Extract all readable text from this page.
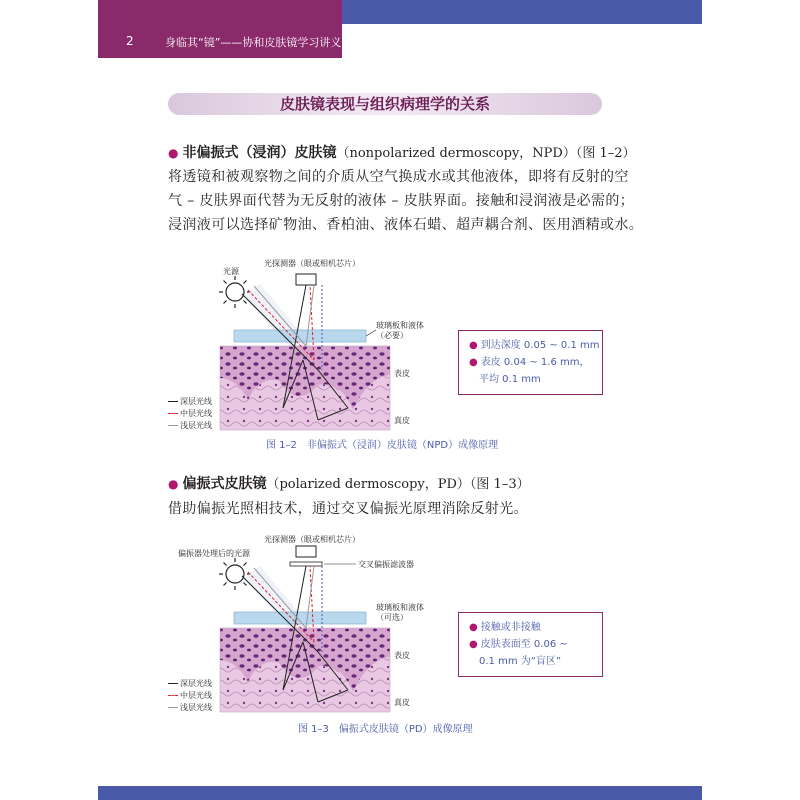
2	身临其“镜”——协和皮肤镜学习讲义
皮肤镜表现与组织病理学的关系
● 非偏振式（浸润）皮肤镜（nonpolarized dermoscopy，NPD）（图 1–2）
将透镜和被观察物之间的介质从空气换成水或其他液体，即将有反射的空
气 – 皮肤界面代替为无反射的液体 – 皮肤界面。接触和浸润液是必需的；
浸润液可以选择矿物油、香柏油、液体石蜡、超声耦合剂、医用酒精或水。
光源
光探测器（眼或相机芯片）
玻璃板和液体
（必要）
表皮
真皮
深层光线
中层光线
浅层光线
● 到达深度 0.05 ~ 0.1 mm
● 表皮 0.04 ~ 1.6 mm，
平均 0.1 mm
图 1–2　非偏振式（浸润）皮肤镜（NPD）成像原理
● 偏振式皮肤镜（polarized dermoscopy，PD）（图 1–3）
借助偏振光照相技术，通过交叉偏振光原理消除反射光。
偏振器处理后的光源
光探测器（眼或相机芯片）
交叉偏振滤波器
玻璃板和液体
（可选）
表皮
真皮
深层光线
中层光线
浅层光线
● 接触或非接触
● 皮肤表面至 0.06 ~
0.1 mm 为“盲区”
图 1–3　偏振式皮肤镜（PD）成像原理
